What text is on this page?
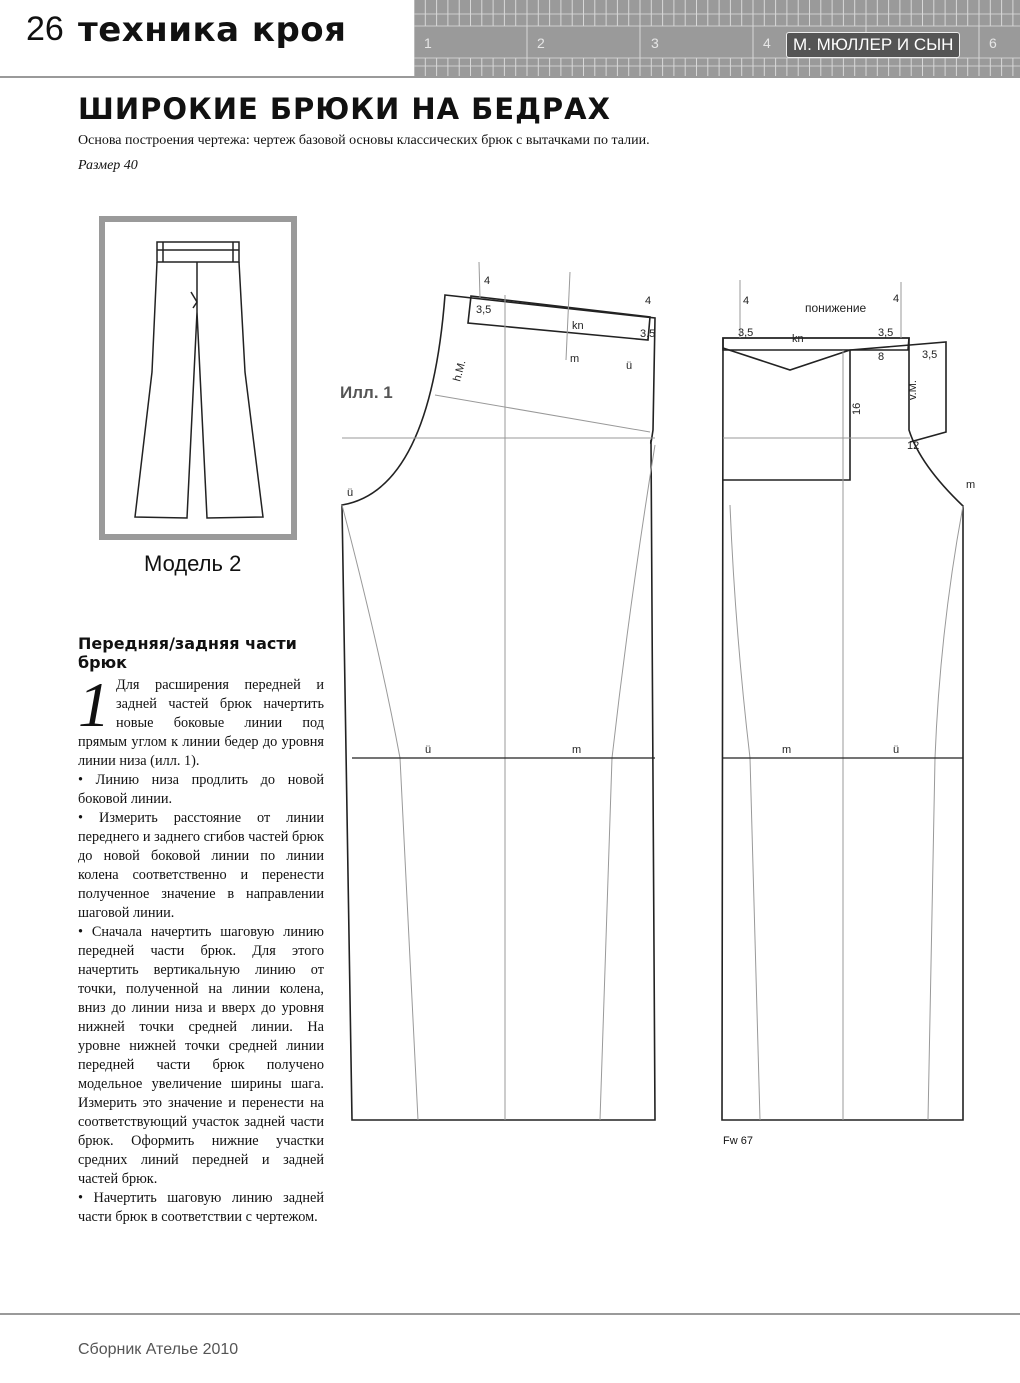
26 техника кроя	1	2	3	4	6
М. МЮЛЛЕР И СЫН
ШИРОКИЕ БРЮКИ НА БЕДРАХ
Основа построения чертежа: чертеж базовой основы классических брюк с вытачками по талии.
Размер 40
Модель 2
Илл. 1
4
3,5
kn
4
3,5
m
ü
h.M.
ü
4	понижение
4
3,5	kn	3,5
8	3,5
16
v.M.
12
m
ü	m	m	ü
Fw 67
Передняя/задняя части брюк
1 Для расширения передней и задней частей брюк начертить новые боковые линии под прямым углом к линии бедер до уровня линии низа (илл. 1).

• Линию низа продлить до новой боковой линии.

• Измерить расстояние от линии переднего и заднего сгибов частей брюк до новой боковой линии по линии колена соответственно и перенести полученное значение в направлении шаговой линии.

• Сначала начертить шаговую линию передней части брюк. Для этого начертить вертикальную линию от точки, полученной на линии колена, вниз до линии низа и вверх до уровня нижней точки средней линии. На уровне нижней точки средней линии передней части брюк получено модельное увеличение ширины шага. Измерить это значение и перенести на соответствующий участок задней части брюк. Оформить нижние участки средних линий передней и задней частей брюк.

• Начертить шаговую линию задней части брюк в соответствии с чертежом.

Сборник Ателье 2010
